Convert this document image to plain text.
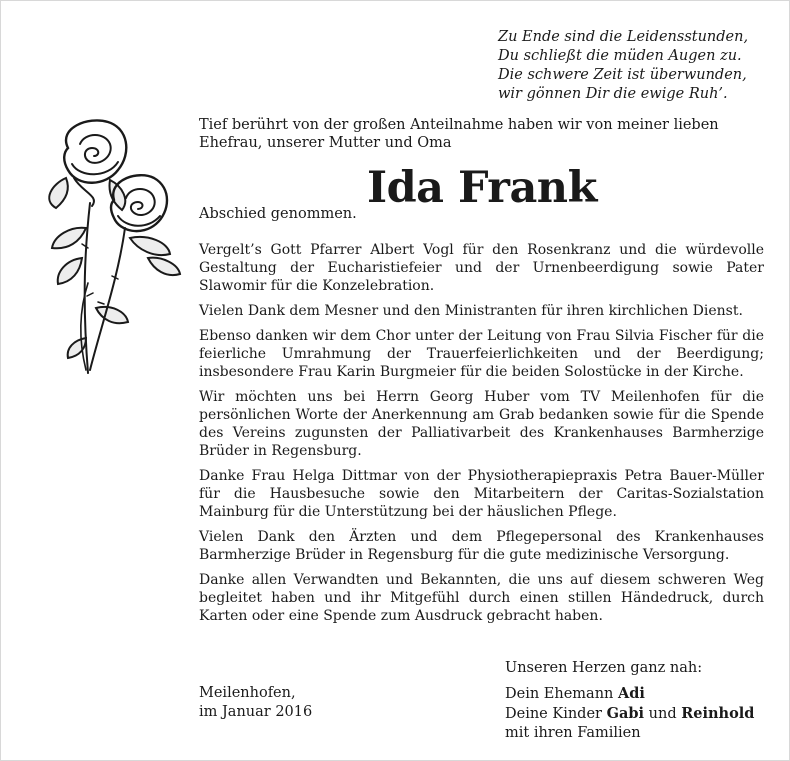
Zu Ende sind die Leidensstunden,
Du schließt die müden Augen zu.
Die schwere Zeit ist überwunden,
wir gönnen Dir die ewige Ruh’.
Tief berührt von der großen Anteilnahme haben wir von meiner lieben Ehefrau, unserer Mutter und Oma
Ida Frank
Abschied genommen.

Vergelt’s Gott Pfarrer Albert Vogl für den Rosenkranz und die würdevolle Gestaltung der Eucharistiefeier und der Urnenbeerdigung sowie Pater Slawomir für die Konzelebration.

Vielen Dank dem Mesner und den Ministranten für ihren kirchlichen Dienst.

Ebenso danken wir dem Chor unter der Leitung von Frau Silvia Fischer für die feierliche Umrahmung der Trauerfeierlichkeiten und der Beerdigung; insbesondere Frau Karin Burgmeier für die beiden Solostücke in der Kirche.

Wir möchten uns bei Herrn Georg Huber vom TV Meilenhofen für die persönlichen Worte der Anerkennung am Grab bedanken sowie für die Spende des Vereins zugunsten der Palliativarbeit des Krankenhauses Barmherzige Brüder in Regensburg.

Danke Frau Helga Dittmar von der Physiotherapiepraxis Petra Bauer-Müller für die Hausbesuche sowie den Mitarbeitern der Caritas-Sozialstation Mainburg für die Unterstützung bei der häuslichen Pflege.

Vielen Dank den Ärzten und dem Pflegepersonal des Krankenhauses Barmherzige Brüder in Regensburg für die gute medizinische Versorgung.

Danke allen Verwandten und Bekannten, die uns auf diesem schweren Weg begleitet haben und ihr Mitgefühl durch einen stillen Händedruck, durch Karten oder eine Spende zum Ausdruck gebracht haben.

Meilenhofen,
im Januar 2016
Unseren Herzen ganz nah:
Dein Ehemann Adi
Deine Kinder Gabi und Reinhold
mit ihren Familien
